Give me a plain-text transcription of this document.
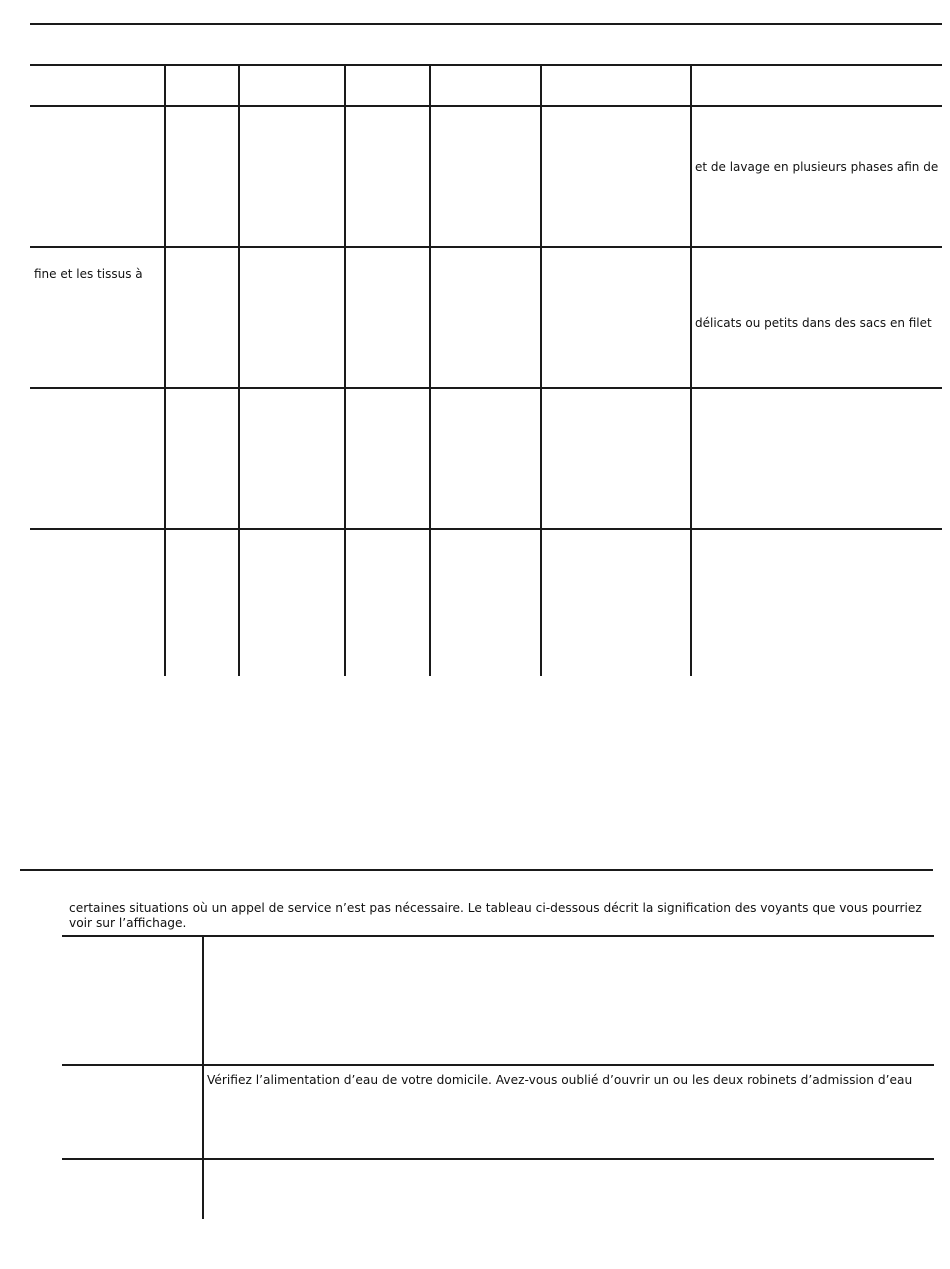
et de lavage en plusieurs phases afin de
fine et les tissus à
délicats ou petits dans des sacs en filet
certaines situations où un appel de service n’est pas nécessaire. Le tableau ci-dessous décrit la signification des voyants que vous pourriez voir sur l’affichage.
Vérifiez l’alimentation d’eau de votre domicile. Avez-vous oublié d’ouvrir un ou les deux robinets d’admission d’eau
